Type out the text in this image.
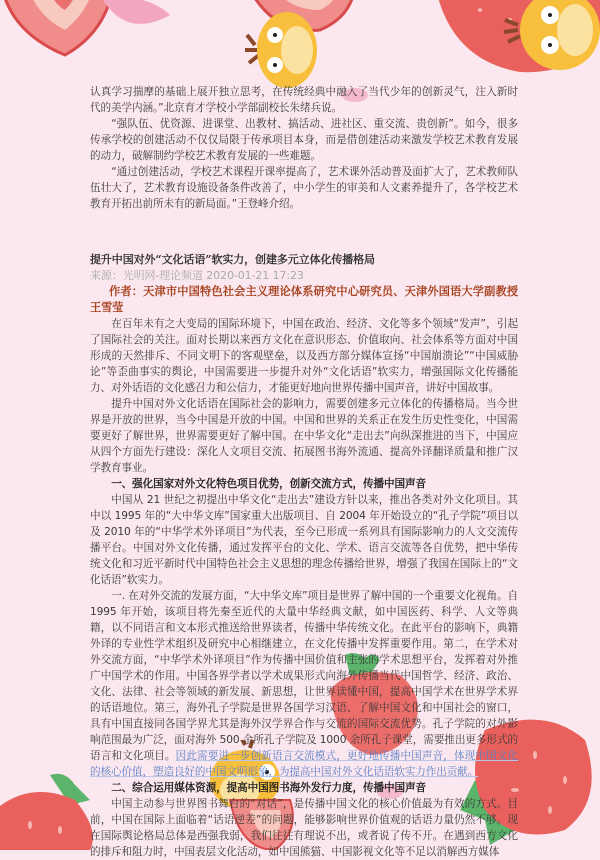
认真学习揣摩的基础上展开独立思考，在传统经典中融入了当代少年的创新灵气，注入新时代的美学内涵。”北京育才学校小学部副校长朱绪兵说。

“强队伍、优资源、进课堂、出教材、搞活动、进社区、重交流、贵创新”。如今，很多传承学校的创建活动不仅仅局限于传承项目本身，而是借创建活动来激发学校艺术教育发展的动力，破解制约学校艺术教育发展的一些难题。

“通过创建活动，学校艺术课程开课率提高了，艺术课外活动普及面扩大了，艺术教师队伍壮大了，艺术教育设施设备条件改善了，中小学生的审美和人文素养提升了，各学校艺术教育开拓出前所未有的新局面。”王登峰介绍。

提升中国对外“文化话语”软实力，创建多元立体化传播格局

来源：光明网-理论频道 2020-01-21 17:23

作者：天津市中国特色社会主义理论体系研究中心研究员、天津外国语大学副教授　王雪莹

在百年未有之大变局的国际环境下，中国在政治、经济、文化等多个领域“发声”，引起了国际社会的关注。面对长期以来西方文化在意识形态、价值取向、社会体系等方面对中国形成的天然排斥、不同文明下的客观壁垒，以及西方部分媒体宣扬“中国崩溃论”“中国威胁论”等歪曲事实的舆论，中国需要进一步提升对外“文化话语”软实力，增强国际文化传播能力、对外话语的文化感召力和公信力，才能更好地向世界传播中国声音，讲好中国故事。

提升中国对外文化话语在国际社会的影响力，需要创建多元立体化的传播格局。当今世界是开放的世界，当今中国是开放的中国。中国和世界的关系正在发生历史性变化，中国需要更好了解世界，世界需要更好了解中国。在中华文化“走出去”向纵深推进的当下，中国应从四个方面先行建设：深化人文项目交流、拓展图书海外流通、提高外译翻译质量和推广汉学教育事业。

一、强化国家对外文化特色项目优势，创新交流方式，传播中国声音

中国从 21 世纪之初提出中华文化“走出去”建设方针以来，推出各类对外文化项目。其中以 1995 年的“大中华文库”国家重大出版项目、自 2004 年开始设立的“孔子学院”项目以及 2010 年的“中华学术外译项目”为代表，至今已形成一系列具有国际影响力的人文交流传播平台。中国对外文化传播，通过发挥平台的文化、学术、语言交流等各自优势，把中华传统文化和习近平新时代中国特色社会主义思想的理念传播给世界，增强了我国在国际上的“文化话语”软实力。

一. 在对外交流的发展方面，“大中华文库”项目是世界了解中国的一个重要文化视角。自 1995 年开始，该项目将先秦至近代的大量中华经典文献，如中国医药、科学、人文等典籍，以不同语言和文本形式推送给世界读者，传播中华传统文化。在此平台的影响下，典籍外译的专业性学术组织及研究中心相继建立，在文化传播中发挥重要作用。第二，在学术对外交流方面，“中华学术外译项目”作为传播中国价值和主张的学术思想平台，发挥着对外推广中国学术的作用。中国各界学者以学术成果形式向海外传播当代中国哲学、经济、政治、文化、法律、社会等领域的新发展、新思想，让世界读懂中国，提高中国学术在世界学术界的话语地位。第三，海外孔子学院是世界各国学习汉语、了解中国文化和中国社会的窗口，具有中国直接同各国学界尤其是海外汉学界合作与交流的国际交流优势。孔子学院的对外影响范围最为广泛，面对海外 500 余所孔子学院及 1000 余所孔子课堂，需要推出更多形式的语言和文化项目。因此需要进一步创新语言交流模式，更好地传播中国声音，体现中国文化的核心价值，塑造良好的中国文明形象，为提高中国对外文化话语软实力作出贡献。

二、综合运用媒体资源，提高中国图书海外发行力度，传播中国声音

中国主动参与世界图书舞台的“对话”，是传播中国文化的核心价值最为有效的方式。目前，中国在国际上面临着“话语逆差”的问题，能够影响世界价值观的话语力量仍然不够。现在国际舆论格局总体是西强我弱，我们往往有理说不出，或者说了传不开。在遇到西方文化的排斥和阻力时，中国表层文化活动，如中国熊猫、中国影视文化等不足以消解西方媒体
